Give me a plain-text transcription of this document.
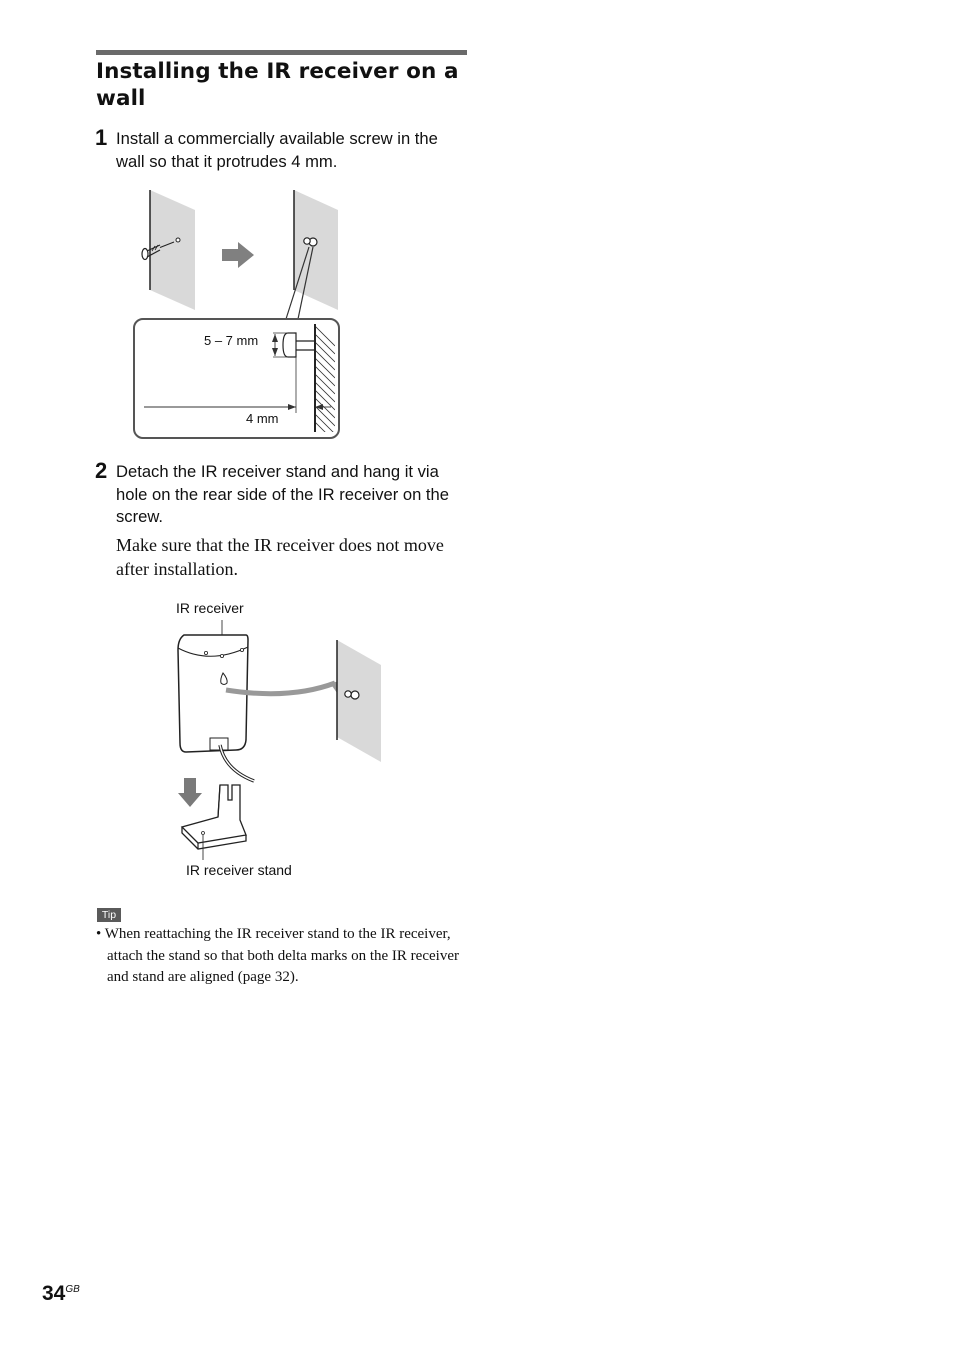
Installing the IR receiver on a wall
1 Install a commercially available screw in the wall so that it protrudes 4 mm.
5 – 7 mm
4 mm
2 Detach the IR receiver stand and hang it via hole on the rear side of the IR receiver on the screw.
Make sure that the IR receiver does not move after installation.
IR receiver
IR receiver stand
Tip
• When reattaching the IR receiver stand to the IR receiver, attach the stand so that both delta marks on the IR receiver and stand are aligned (page 32).
$34^{GB}$
